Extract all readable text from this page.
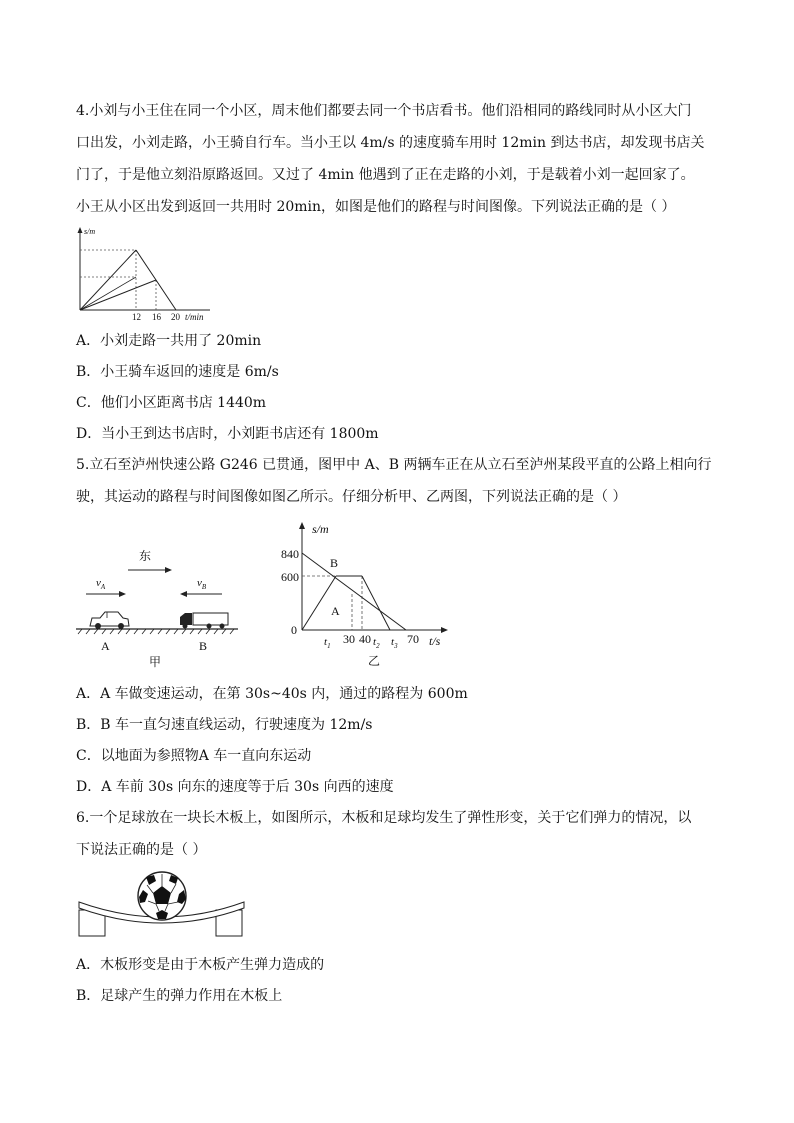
4.小刘与小王住在同一个小区，周末他们都要去同一个书店看书。他们沿相同的路线同时从小区大门
口出发，小刘走路，小王骑自行车。当小王以 4m/s 的速度骑车用时 12min 到达书店，却发现书店关
门了，于是他立刻沿原路返回。又过了 4min 他遇到了正在走路的小刘，于是载着小刘一起回家了。
小王从小区出发到返回一共用时 20min，如图是他们的路程与时间图像。下列说法正确的是（ ）
s/m
12 16 20 t/min
A．小刘走路一共用了 20min
B．小王骑车返回的速度是 6m/s
C．他们小区距离书店 1440m
D．当小王到达书店时，小刘距书店还有 1800m
5.立石至泸州快速公路 G246 已贯通，图甲中 A、B 两辆车正在从立石至泸州某段平直的公路上相向行
驶，其运动的路程与时间图像如图乙所示。仔细分析甲、乙两图，下列说法正确的是（ ）
东
$v_A$	$v_B$
A	B
甲
s/m
t/s
840
600
0
B
A
$t_1$ 30 40 $t_2$ $t_3$ 70
乙
A．A 车做变速运动，在第 30s~40s 内，通过的路程为 600m
B．B 车一直匀速直线运动，行驶速度为 12m/s
C．以地面为参照物A 车一直向东运动
D．A 车前 30s 向东的速度等于后 30s 向西的速度
6.一个足球放在一块长木板上，如图所示，木板和足球均发生了弹性形变，关于它们弹力的情况，以
下说法正确的是（ ）
A．木板形变是由于木板产生弹力造成的
B．足球产生的弹力作用在木板上
